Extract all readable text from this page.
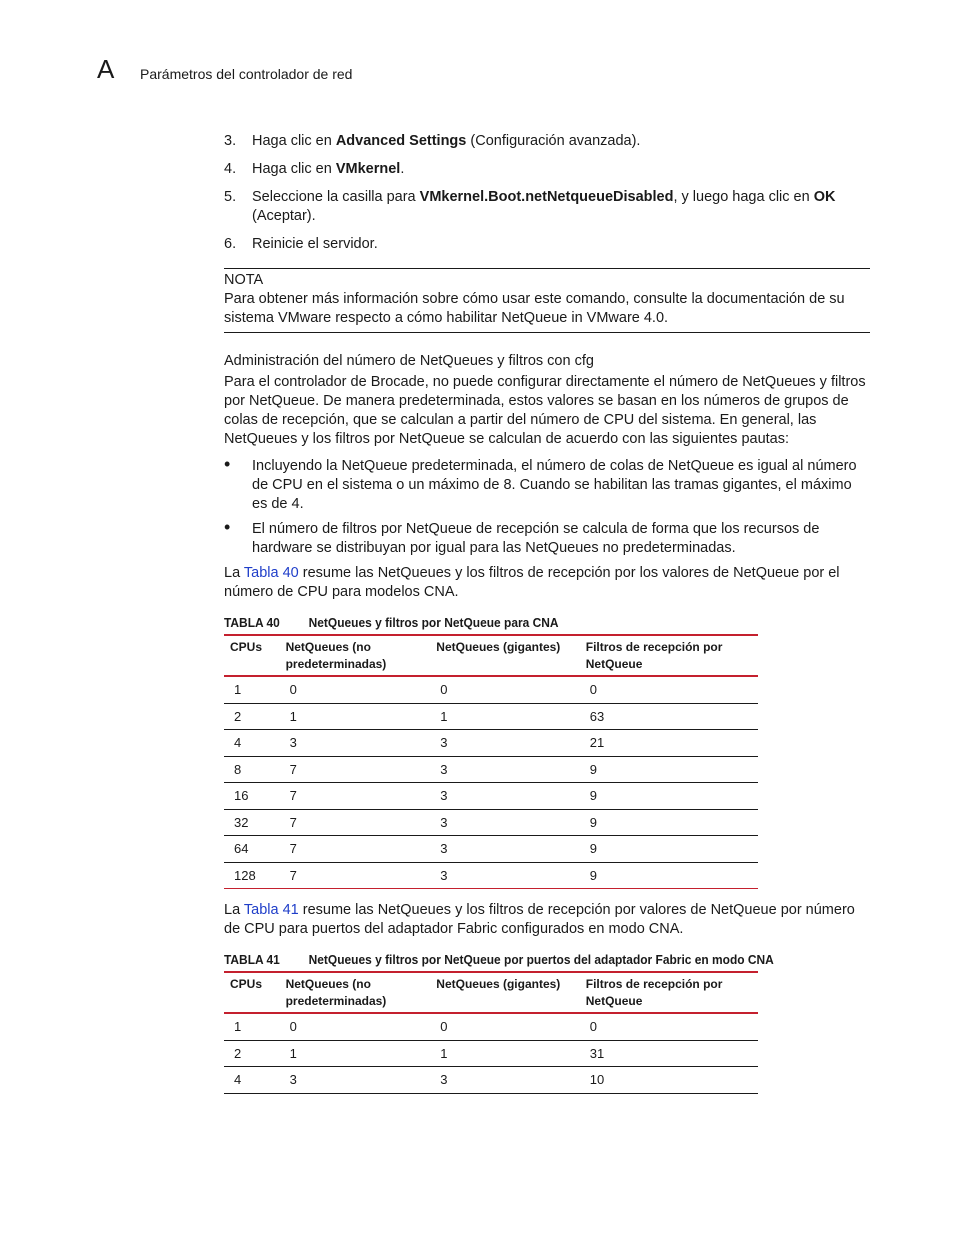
A Parámetros del controlador de red
3. Haga clic en Advanced Settings (Configuración avanzada).
4. Haga clic en VMkernel.
5. Seleccione la casilla para VMkernel.Boot.netNetqueueDisabled, y luego haga clic en OK (Aceptar).
6. Reinicie el servidor.

NOTA

Para obtener más información sobre cómo usar este comando, consulte la documentación de su sistema VMware respecto a cómo habilitar NetQueue in VMware 4.0.

Administración del número de NetQueues y filtros con cfg

Para el controlador de Brocade, no puede configurar directamente el número de NetQueues y filtros por NetQueue. De manera predeterminada, estos valores se basan en los números de grupos de colas de recepción, que se calculan a partir del número de CPU del sistema. En general, las NetQueues y los filtros por NetQueue se calculan de acuerdo con las siguientes pautas:

• Incluyendo la NetQueue predeterminada, el número de colas de NetQueue es igual al número de CPU en el sistema o un máximo de 8. Cuando se habilitan las tramas gigantes, el máximo es de 4.
• El número de filtros por NetQueue de recepción se calcula de forma que los recursos de hardware se distribuyan por igual para las NetQueues no predeterminadas.

La Tabla 40 resume las NetQueues y los filtros de recepción por los valores de NetQueue por el número de CPU para modelos CNA.

TABLA 40	NetQueues y filtros por NetQueue para CNA
CPUs	NetQueues (no predeterminadas)	NetQueues (gigantes)	Filtros de recepción por NetQueue
1	0	0	0
2	1	1	63
4	3	3	21
8	7	3	9
16	7	3	9
32	7	3	9
64	7	3	9
128	7	3	9

La Tabla 41 resume las NetQueues y los filtros de recepción por valores de NetQueue por número de CPU para puertos del adaptador Fabric configurados en modo CNA.

TABLA 41	NetQueues y filtros por NetQueue por puertos del adaptador Fabric en modo CNA
CPUs	NetQueues (no predeterminadas)	NetQueues (gigantes)	Filtros de recepción por NetQueue
1	0	0	0
2	1	1	31
4	3	3	10
